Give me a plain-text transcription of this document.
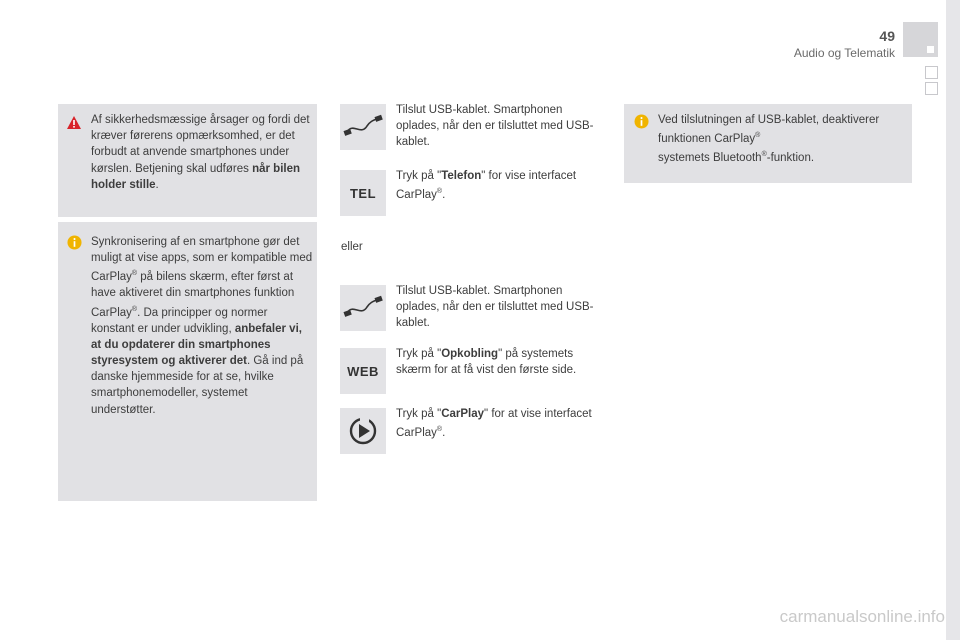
49
Audio og Telematik
Af sikkerhedsmæssige årsager og fordi det kræver førerens opmærksomhed, er det forbudt at anvende smartphones under kørslen. Betjening skal udføres når bilen holder stille.
Synkronisering af en smartphone gør det muligt at vise apps, som er kompatible med CarPlay® på bilens skærm, efter først at have aktiveret din smartphones funktion CarPlay®. Da principper og normer konstant er under udvikling, anbefaler vi, at du opdaterer din smartphones styresystem og aktiverer det. Gå ind på danske hjemmeside for at se, hvilke smartphonemodeller, systemet understøtter.
Ved tilslutningen af USB-kablet, deaktiverer funktionen CarPlay®
systemets Bluetooth®-funktion.
Tilslut USB-kablet. Smartphonen oplades, når den er tilsluttet med USB-kablet.
TEL
Tryk på "Telefon" for vise interfacet CarPlay®.
eller
Tilslut USB-kablet. Smartphonen oplades, når den er tilsluttet med USB-kablet.
WEB
Tryk på "Opkobling" på systemets skærm for at få vist den første side.
Tryk på "CarPlay" for at vise interfacet CarPlay®.
carmanualsonline.info
